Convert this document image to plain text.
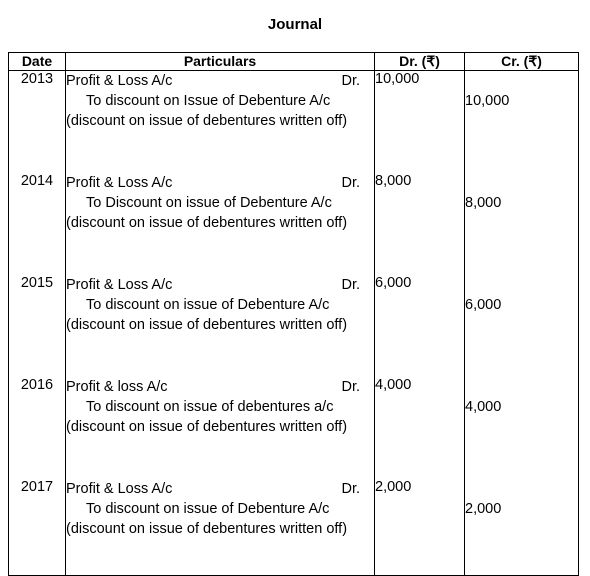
Journal
Date	Particulars	Dr. (₹)	Cr. (₹)
2013	Profit & Loss A/c Dr.
To discount on Issue of Debenture A/c
(discount on issue of debentures written off)	10,000	10,000

2014	Profit & Loss A/c Dr.
To Discount on issue of Debenture A/c
(discount on issue of debentures written off)	8,000	8,000

2015	Profit & Loss A/c Dr.
To discount on issue of Debenture A/c
(discount on issue of debentures written off)	6,000	6,000

2016	Profit & loss A/c Dr.
To discount on issue of debentures a/c
(discount on issue of debentures written off)	4,000	4,000

2017	Profit & Loss A/c Dr.
To discount on issue of Debenture A/c
(discount on issue of debentures written off)	2,000	2,000
